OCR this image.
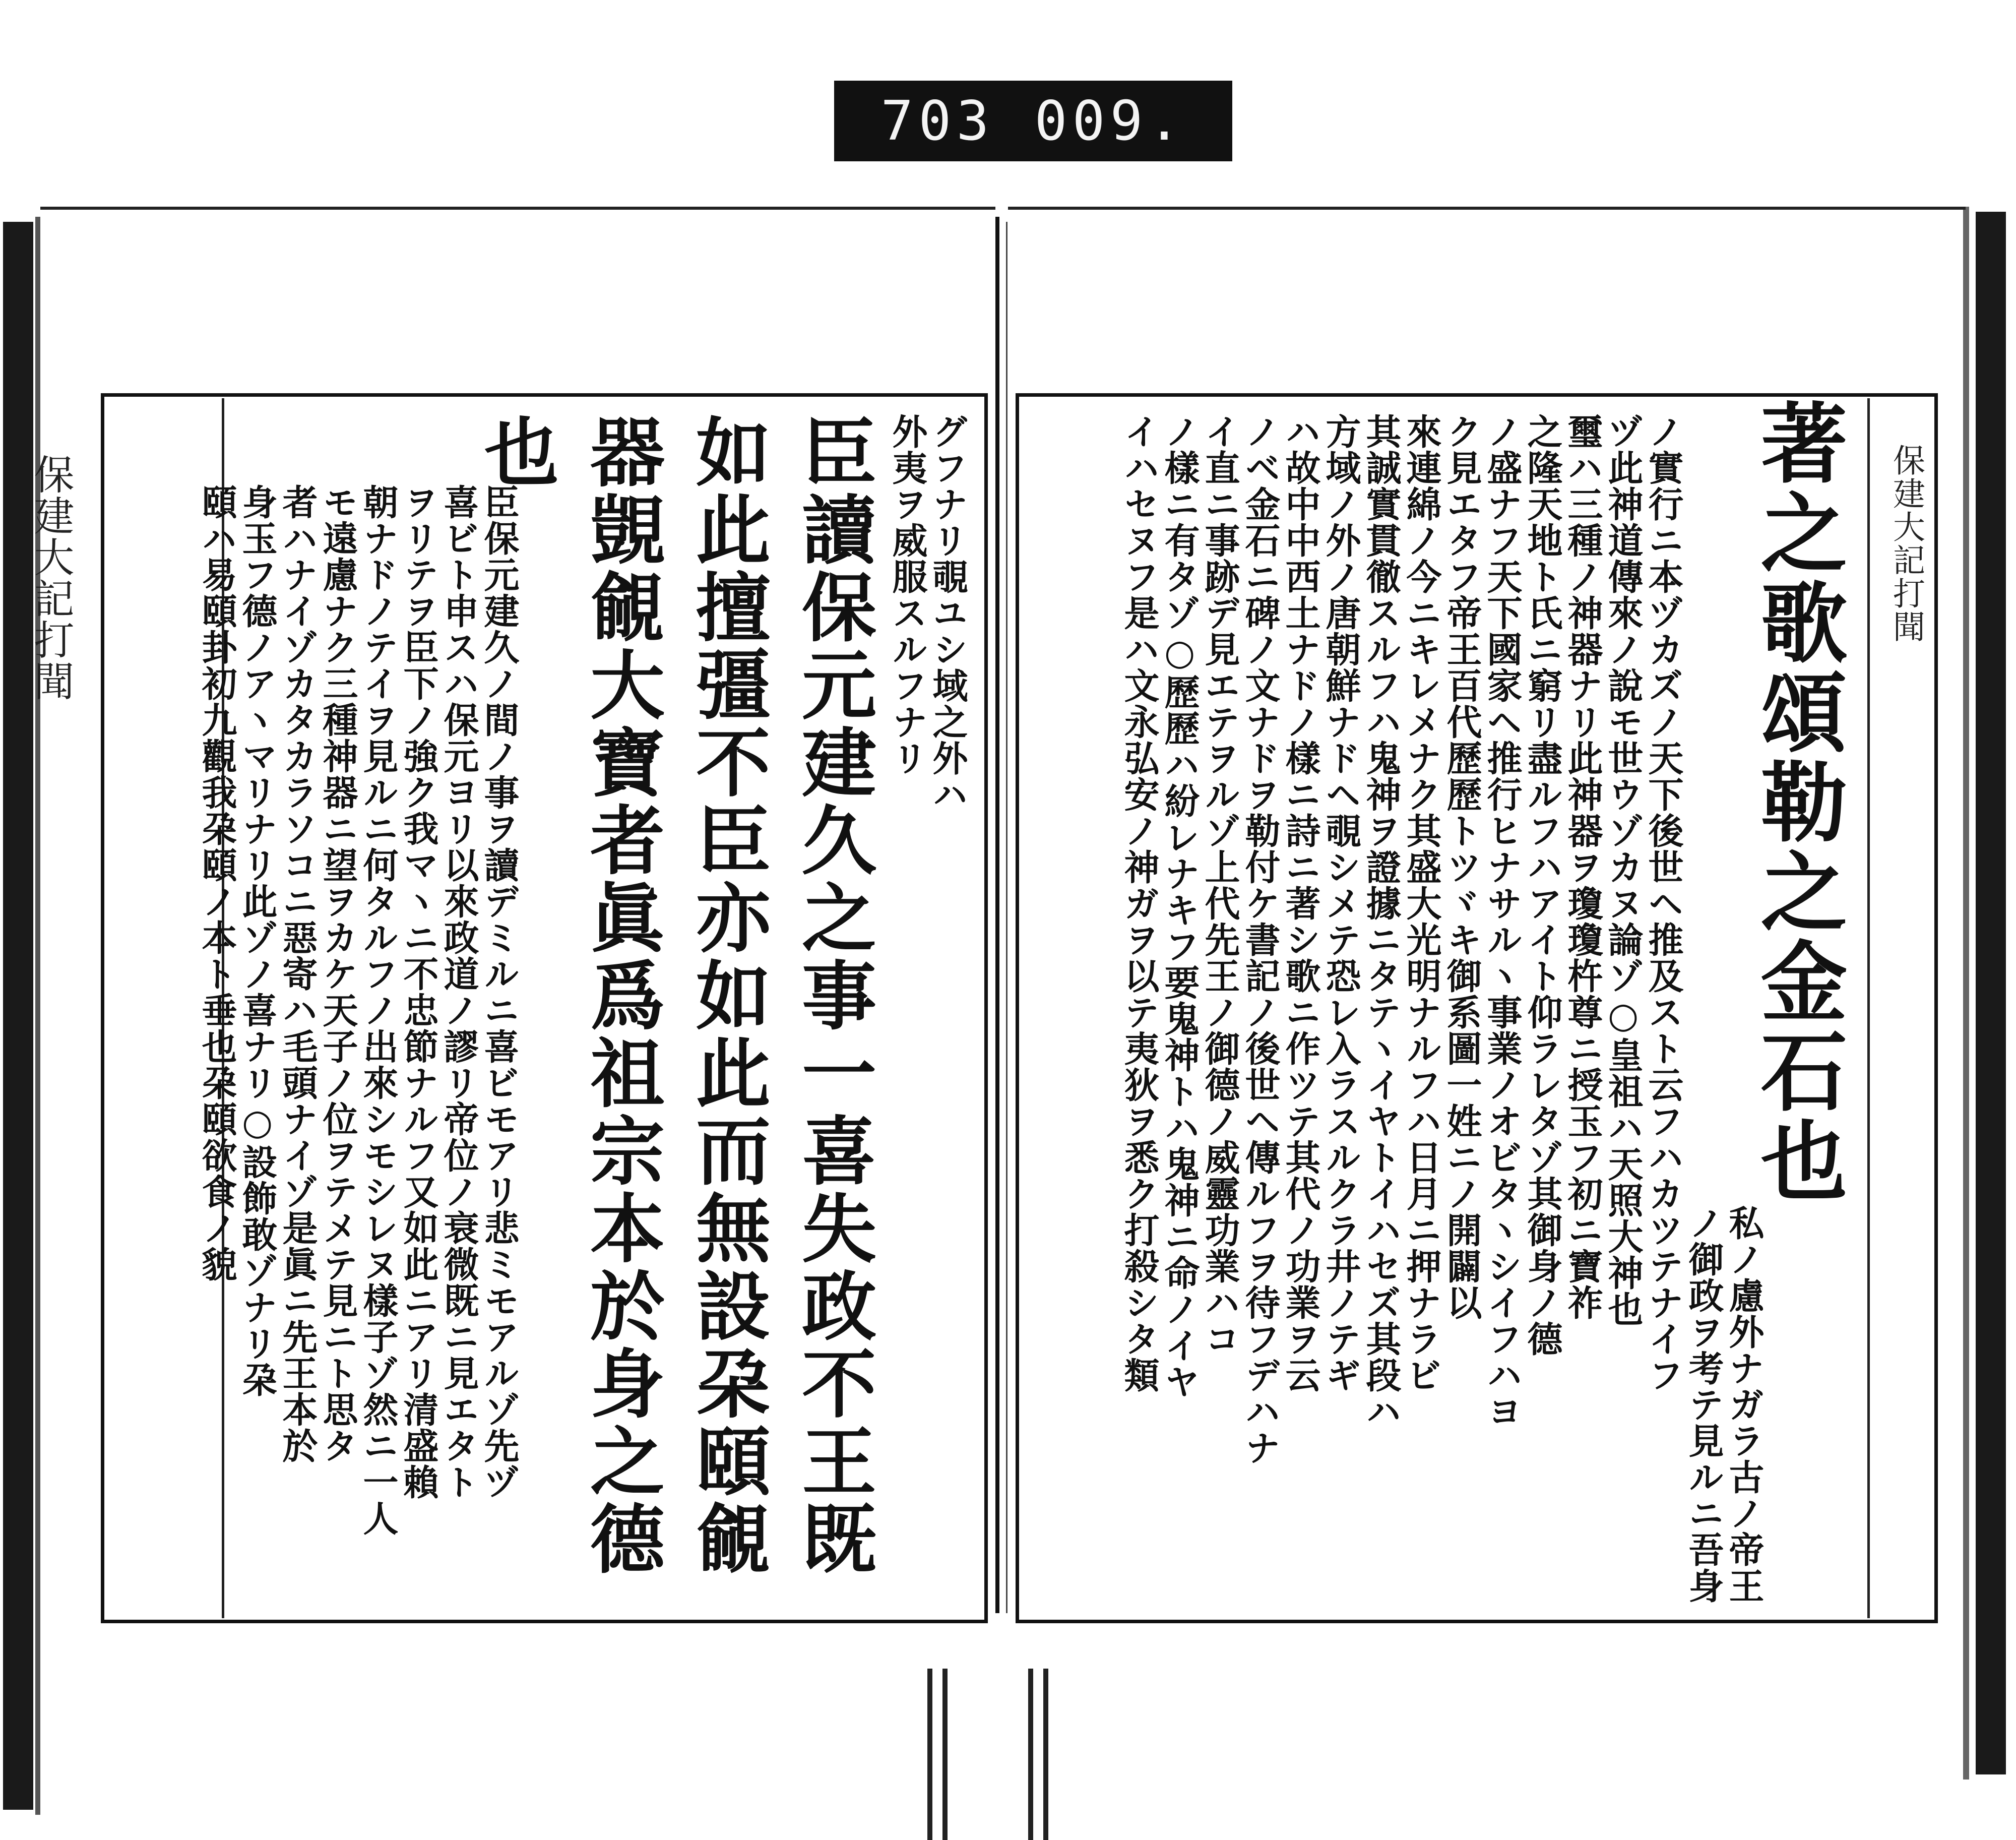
703 009.
保建大記打聞
保建大記打聞	著之歌頌勒之金石也
私ノ慮外ナガラ古ノ帝王
ノ御政ヲ考テ見ルニ吾身
ノ實行ニ本ヅカズノ天下後世ヘ推及スト云フハカツテナイフ
ヅ此神道傳來ノ說モ世ウゾカヌ論ゾ○皇祖ハ天照大神也
璽ハ三種ノ神器ナリ此神器ヲ瓊瓊杵尊ニ授玉フ初ニ寶祚
之隆天地ト氏ニ窮リ盡ルフハアイト仰ラレタゾ其御身ノ德
ノ盛ナフ天下國家ヘ推行ヒナサルヽ事業ノオビタヽシイフハヨ
ク見エタフ帝王百代歷歷トツヾキ御系圖一姓ニノ開闢以
來連綿ノ今ニキレメナク其盛大光明ナルフハ日月ニ押ナラビ
其誠實貫徹スルフハ鬼神ヲ證據ニタテヽイヤトイハセズ其段ハ
方域ノ外ノ唐朝鮮ナドヘ覗シメテ恐レ入ラスルクラ井ノテギ
ハ故中中西土ナドノ樣ニ詩ニ著シ歌ニ作ツテ其代ノ功業ヲ云
ノベ金石ニ碑ノ文ナドヲ勒付ケ書記ノ後世ヘ傳ルフヲ待フデハナ
イ直ニ事跡デ見エテヲルゾ上代先王ノ御德ノ威靈功業ハコ
ノ樣ニ有タゾ○歷歷ハ紛レナキフ要鬼神トハ鬼神ニ命ノイヤ
イハセヌフ是ハ文永弘安ノ神ガヲ以テ夷狄ヲ悉ク打殺シタ類
グフナリ覗ユシ域之外ハ
外夷ヲ威服スルフナリ
臣讀保元建久之事一喜失政不王既
如此擅彊不臣亦如此而無設朶頤覦
器覬覦大寶者眞爲祖宗本於身之德
也
臣保元建久ノ間ノ事ヲ讀デミルニ喜ビモアリ悲ミモアルゾ先ヅ
喜ビト申スハ保元ヨリ以來政道ノ謬リ帝位ノ衰微既ニ見エタト
ヲリテヲ臣下ノ強ク我マヽニ不忠節ナルフ又如此ニアリ清盛賴
朝ナドノテイヲ見ルニ何タルフノ出來シモシレヌ樣子ゾ然ニ一人
モ遠慮ナク三種神器ニ望ヲカケ天子ノ位ヲテメテ見ニト思タ
者ハナイゾカタカラソコニ惡寄ハ毛頭ナイゾ是眞ニ先王本於
身玉フ德ノアヽマリナリ此ゾノ喜ナリ○設飾敢ゾナリ朶
頤ハ易頤卦初九觀我朶頤ノ本ト垂也朶頤欲食ノ貌
